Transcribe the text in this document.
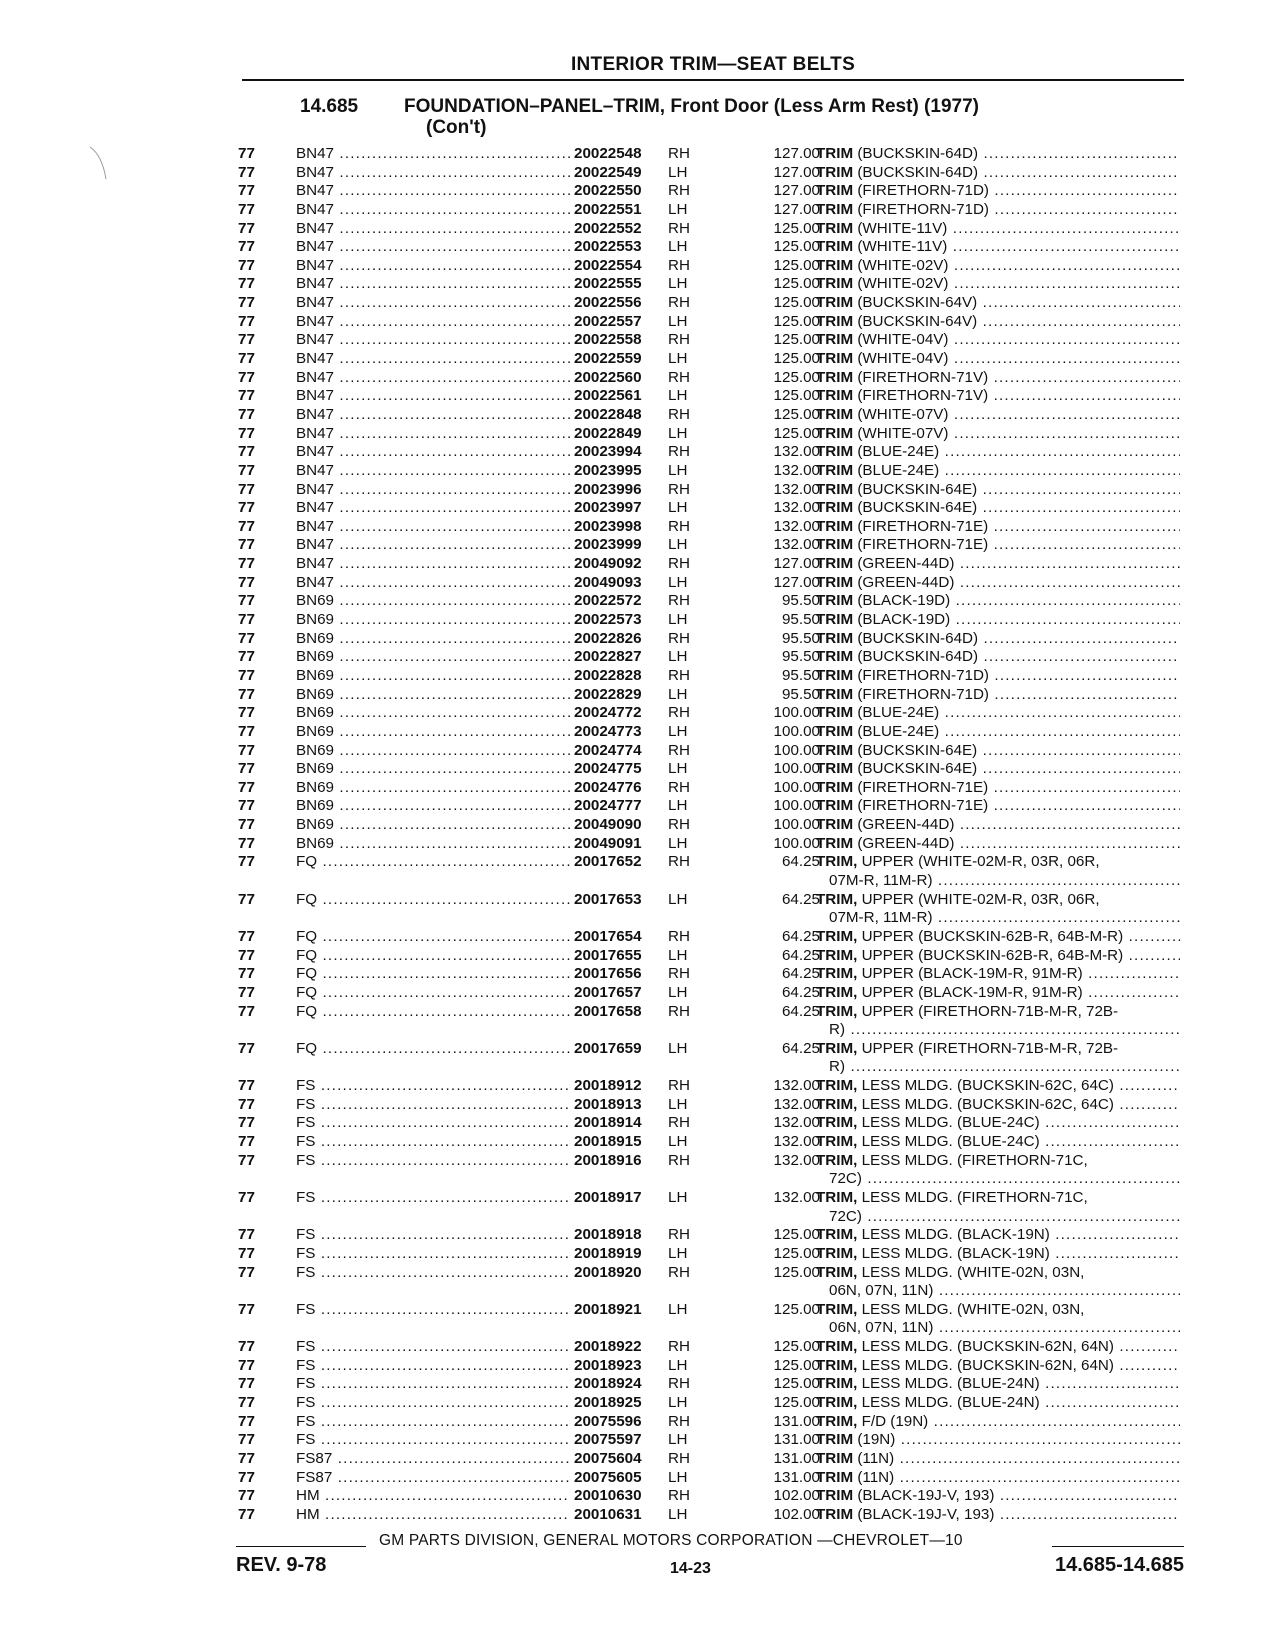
INTERIOR TRIM—SEAT BELTS
14.685 FOUNDATION–PANEL–TRIM, Front Door (Less Arm Rest) (1977)
(Con't)
77	BN47 .....	20022548	RH	127.00
TRIM (BUCKSKIN-64D) .....
77	BN47 .....	20022549	LH	127.00
TRIM (BUCKSKIN-64D) .....
77	BN47 .....	20022550	RH	127.00
TRIM (FIRETHORN-71D) .....
77	BN47 .....	20022551	LH	127.00
TRIM (FIRETHORN-71D) .....
77	BN47 .....	20022552	RH	125.00
TRIM (WHITE-11V) .....
77	BN47 .....	20022553	LH	125.00
TRIM (WHITE-11V) .....
77	BN47 .....	20022554	RH	125.00
TRIM (WHITE-02V) .....
77	BN47 .....	20022555	LH	125.00
TRIM (WHITE-02V) .....
77	BN47 .....	20022556	RH	125.00
TRIM (BUCKSKIN-64V) .....
77	BN47 .....	20022557	LH	125.00
TRIM (BUCKSKIN-64V) .....
77	BN47 .....	20022558	RH	125.00
TRIM (WHITE-04V) .....
77	BN47 .....	20022559	LH	125.00
TRIM (WHITE-04V) .....
77	BN47 .....	20022560	RH	125.00
TRIM (FIRETHORN-71V) .....
77	BN47 .....	20022561	LH	125.00
TRIM (FIRETHORN-71V) .....
77	BN47 .....	20022848	RH	125.00
TRIM (WHITE-07V) .....
77	BN47 .....	20022849	LH	125.00
TRIM (WHITE-07V) .....
77	BN47 .....	20023994	RH	132.00
TRIM (BLUE-24E) .....
77	BN47 .....	20023995	LH	132.00
TRIM (BLUE-24E) .....
77	BN47 .....	20023996	RH	132.00
TRIM (BUCKSKIN-64E) .....
77	BN47 .....	20023997	LH	132.00
TRIM (BUCKSKIN-64E) .....
77	BN47 .....	20023998	RH	132.00
TRIM (FIRETHORN-71E) .....
77	BN47 .....	20023999	LH	132.00
TRIM (FIRETHORN-71E) .....
77	BN47 .....	20049092	RH	127.00
TRIM (GREEN-44D) .....
77	BN47 .....	20049093	LH	127.00
TRIM (GREEN-44D) .....
77	BN69 .....	20022572	RH	95.50
TRIM (BLACK-19D) .....
77	BN69 .....	20022573	LH	95.50
TRIM (BLACK-19D) .....
77	BN69 .....	20022826	RH	95.50
TRIM (BUCKSKIN-64D) .....
77	BN69 .....	20022827	LH	95.50
TRIM (BUCKSKIN-64D) .....
77	BN69 .....	20022828	RH	95.50
TRIM (FIRETHORN-71D) .....
77	BN69 .....	20022829	LH	95.50
TRIM (FIRETHORN-71D) .....
77	BN69 .....	20024772	RH	100.00
TRIM (BLUE-24E) .....
77	BN69 .....	20024773	LH	100.00
TRIM (BLUE-24E) .....
77	BN69 .....	20024774	RH	100.00
TRIM (BUCKSKIN-64E) .....
77	BN69 .....	20024775	LH	100.00
TRIM (BUCKSKIN-64E) .....
77	BN69 .....	20024776	RH	100.00
TRIM (FIRETHORN-71E) .....
77	BN69 .....	20024777	LH	100.00
TRIM (FIRETHORN-71E) .....
77	BN69 .....	20049090	RH	100.00
TRIM (GREEN-44D) .....
77	BN69 .....	20049091	LH	100.00
TRIM (GREEN-44D) .....
77	FQ .....	20017652	RH	64.25
TRIM, UPPER (WHITE-02M-R, 03R, 06R,
07M-R, 11M-R) .....
77	FQ .....	20017653	LH	64.25
TRIM, UPPER (WHITE-02M-R, 03R, 06R,
07M-R, 11M-R) .....
77	FQ .....	20017654	RH	64.25
TRIM, UPPER (BUCKSKIN-62B-R, 64B-M-R) .....
77	FQ .....	20017655	LH	64.25
TRIM, UPPER (BUCKSKIN-62B-R, 64B-M-R) .....
77	FQ .....	20017656	RH	64.25
TRIM, UPPER (BLACK-19M-R, 91M-R) .....
77	FQ .....	20017657	LH	64.25
TRIM, UPPER (BLACK-19M-R, 91M-R) .....
77	FQ .....	20017658	RH	64.25
TRIM, UPPER (FIRETHORN-71B-M-R, 72B-
R) .....
77	FQ .....	20017659	LH	64.25
TRIM, UPPER (FIRETHORN-71B-M-R, 72B-
R) .....
77	FS .....	20018912	RH	132.00
TRIM, LESS MLDG. (BUCKSKIN-62C, 64C) .....
77	FS .....	20018913	LH	132.00
TRIM, LESS MLDG. (BUCKSKIN-62C, 64C) .....
77	FS .....	20018914	RH	132.00
TRIM, LESS MLDG. (BLUE-24C) .....
77	FS .....	20018915	LH	132.00
TRIM, LESS MLDG. (BLUE-24C) .....
77	FS .....	20018916	RH	132.00
TRIM, LESS MLDG. (FIRETHORN-71C,
72C) .....
77	FS .....	20018917	LH	132.00
TRIM, LESS MLDG. (FIRETHORN-71C,
72C) .....
77	FS .....	20018918	RH	125.00
TRIM, LESS MLDG. (BLACK-19N) .....
77	FS .....	20018919	LH	125.00
TRIM, LESS MLDG. (BLACK-19N) .....
77	FS .....	20018920	RH	125.00
TRIM, LESS MLDG. (WHITE-02N, 03N,
06N, 07N, 11N) .....
77	FS .....	20018921	LH	125.00
TRIM, LESS MLDG. (WHITE-02N, 03N,
06N, 07N, 11N) .....
77	FS .....	20018922	RH	125.00
TRIM, LESS MLDG. (BUCKSKIN-62N, 64N) .....
77	FS .....	20018923	LH	125.00
TRIM, LESS MLDG. (BUCKSKIN-62N, 64N) .....
77	FS .....	20018924	RH	125.00
TRIM, LESS MLDG. (BLUE-24N) .....
77	FS .....	20018925	LH	125.00
TRIM, LESS MLDG. (BLUE-24N) .....
77	FS .....	20075596	RH	131.00
TRIM, F/D (19N) .....
77	FS .....	20075597	LH	131.00
TRIM (19N) .....
77	FS87 .....	20075604	RH	131.00
TRIM (11N) .....
77	FS87 .....	20075605	LH	131.00
TRIM (11N) .....
77	HM .....	20010630	RH	102.00
TRIM (BLACK-19J-V, 193) .....
77	HM .....	20010631	LH	102.00
TRIM (BLACK-19J-V, 193) .....
GM PARTS DIVISION, GENERAL MOTORS CORPORATION —CHEVROLET—10
REV. 9-78	14-23	14.685-14.685
